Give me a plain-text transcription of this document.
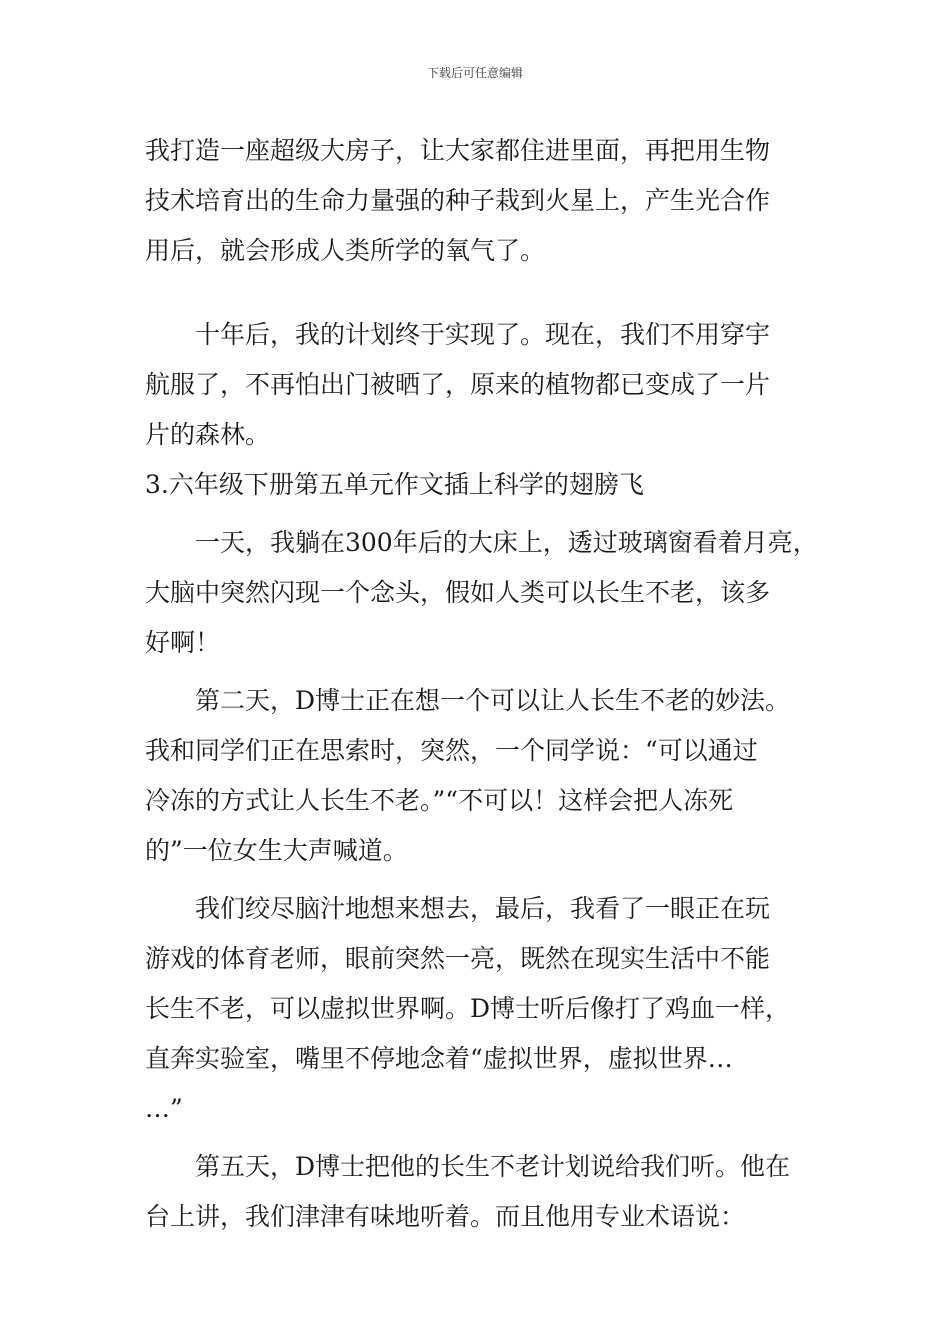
下载后可任意编辑
我打造一座超级大房子，让大家都住进里面，再把用生物
技术培育出的生命力量强的种子栽到火星上，产生光合作
用后，就会形成人类所学的氧气了。
十年后，我的计划终于实现了。现在，我们不用穿宇
航服了，不再怕出门被晒了，原来的植物都已变成了一片
片的森林。
3.六年级下册第五单元作文插上科学的翅膀飞
一天，我躺在300年后的大床上，透过玻璃窗看着月亮，
大脑中突然闪现一个念头，假如人类可以长生不老，该多
好啊！
第二天，D博士正在想一个可以让人长生不老的妙法。
我和同学们正在思索时，突然，一个同学说：“可以通过
冷冻的方式让人长生不老。”“不可以！这样会把人冻死
的”一位女生大声喊道。
我们绞尽脑汁地想来想去，最后，我看了一眼正在玩
游戏的体育老师，眼前突然一亮，既然在现实生活中不能
长生不老，可以虚拟世界啊。D博士听后像打了鸡血一样，
直奔实验室，嘴里不停地念着“虚拟世界，虚拟世界…
…”
第五天，D博士把他的长生不老计划说给我们听。他在
台上讲，我们津津有味地听着。而且他用专业术语说：
